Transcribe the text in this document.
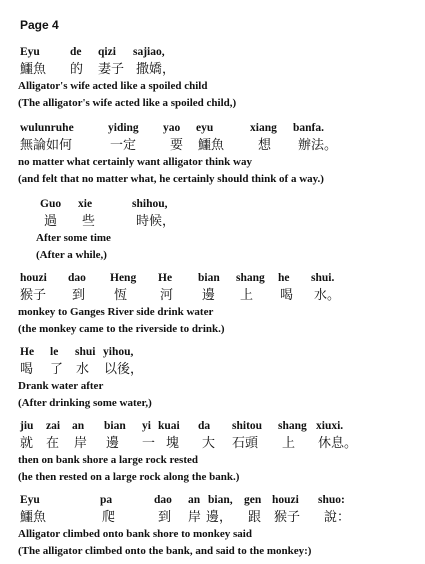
Page 4
Eyu	de qizi sajiao,
鱷魚 的 妻子 撒嬌，
Alligator's wife acted like a spoiled child
(The alligator's wife acted like a spoiled child,)
wulunruhe	yiding yao eyu	xiang banfa.
無論如何	一定	要 鱷魚	想 辦法。
no matter what certainly want alligator think way
(and felt that no matter what, he certainly should think of a way.)
Guo xie	shihou,
過 些	時候，
After some time
(After a while,)
houzi dao Heng He bian shang he shui.
猴子 到 恆	河 邊 上 喝 水。
monkey to Ganges River side drink water
(the monkey came to the riverside to drink.)
He le shui yihou,
喝 了 水 以後，
Drank water after
(After drinking some water,)
jiu zai an bian yi kuai da shitou shang xiuxi.
就 在 岸 邊 一 塊 大 石頭 上 休息。
then on bank shore a large rock rested
(he then rested on a large rock along the bank.)
Eyu	pa	dao an bian, gen houzi shuo:
鱷魚	爬	到 岸 邊， 跟 猴子 說：
Alligator climbed onto bank shore to monkey said
(The alligator climbed onto the bank, and said to the monkey:)
